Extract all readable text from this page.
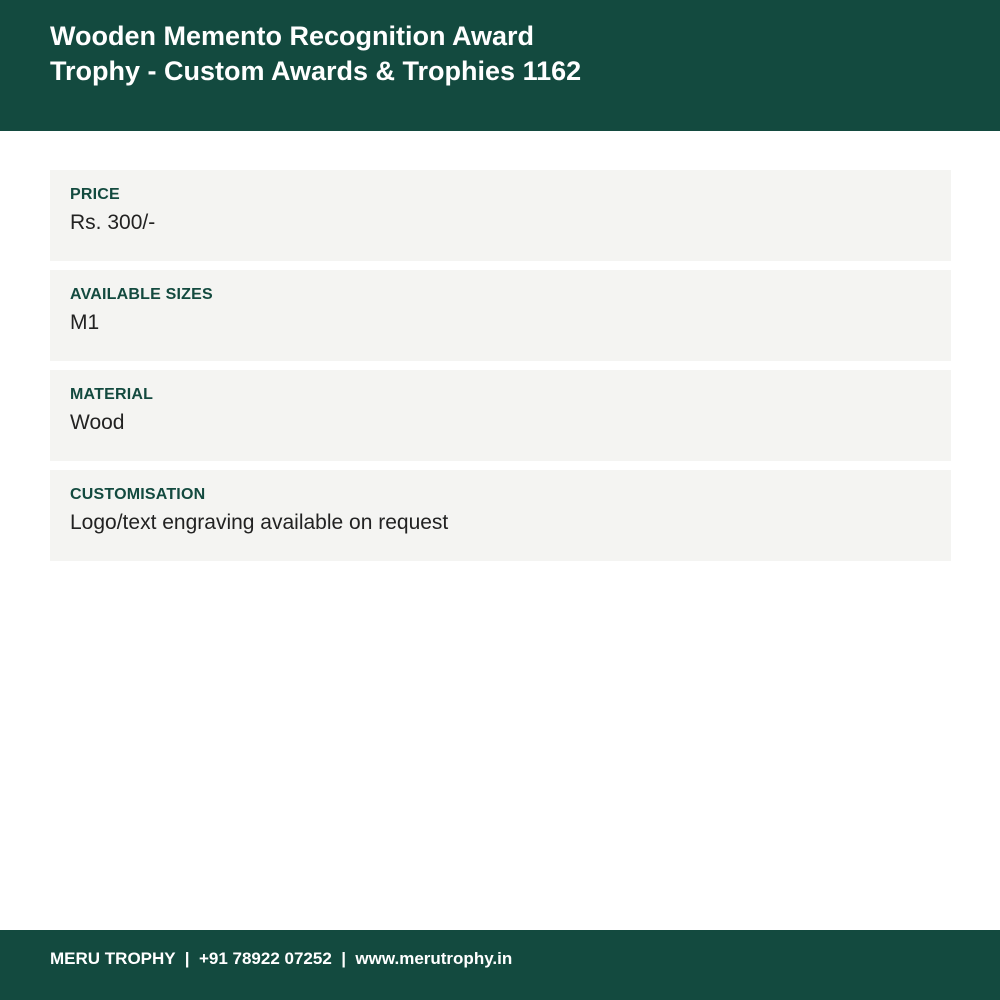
Wooden Memento Recognition Award
Trophy - Custom Awards & Trophies 1162
PRICE
Rs. 300/-
AVAILABLE SIZES
M1
MATERIAL
Wood
CUSTOMISATION
Logo/text engraving available on request
MERU TROPHY  |  +91 78922 07252  |  www.merutrophy.in
